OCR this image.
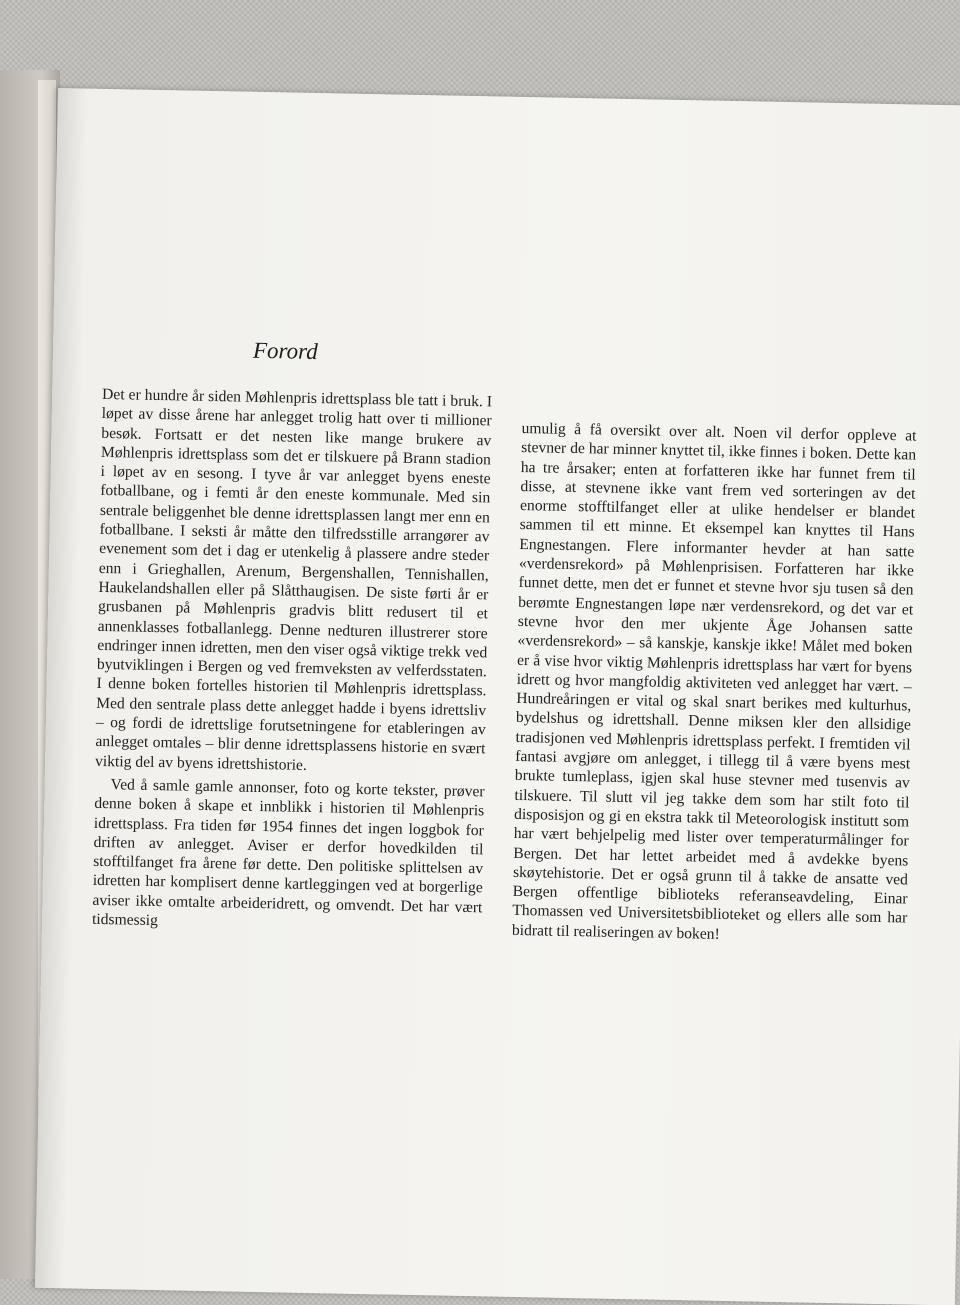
Forord

Det er hundre år siden Møhlenpris idrettsplass ble tatt i bruk. I løpet av disse årene har anlegget trolig hatt over ti millioner besøk. Fortsatt er det nesten like mange brukere av Møhlenpris idrettsplass som det er tilskuere på Brann stadion i løpet av en sesong. I tyve år var anlegget byens eneste fotballbane, og i femti år den eneste kommunale. Med sin sentrale beliggenhet ble denne idrettsplassen langt mer enn en fotballbane. I seksti år måtte den tilfredsstille arrangører av evenement som det i dag er utenkelig å plassere andre steder enn i Grieghallen, Arenum, Bergenshallen, Tennishallen, Haukelandshallen eller på Slåtthaugisen. De siste førti år er grusbanen på Møhlenpris gradvis blitt redusert til et annenklasses fotballanlegg. Denne nedturen illustrerer store endringer innen idretten, men den viser også viktige trekk ved byutviklingen i Bergen og ved fremveksten av velferdsstaten. I denne boken fortelles historien til Møhlenpris idrettsplass. Med den sentrale plass dette anlegget hadde i byens idrettsliv – og fordi de idrettslige forutsetningene for etableringen av anlegget omtales – blir denne idrettsplassens historie en svært viktig del av byens idrettshistorie.

Ved å samle gamle annonser, foto og korte tekster, prøver denne boken å skape et innblikk i historien til Møhlenpris idrettsplass. Fra tiden før 1954 finnes det ingen loggbok for driften av anlegget. Aviser er derfor hovedkilden til stofftilfanget fra årene før dette. Den politiske splittelsen av idretten har komplisert denne kartleggingen ved at borgerlige aviser ikke omtalte arbeideridrett, og omvendt. Det har vært tidsmessig

umulig å få oversikt over alt. Noen vil derfor oppleve at stevner de har minner knyttet til, ikke finnes i boken. Dette kan ha tre årsaker; enten at forfatteren ikke har funnet frem til disse, at stevnene ikke vant frem ved sorteringen av det enorme stofftilfanget eller at ulike hendelser er blandet sammen til ett minne. Et eksempel kan knyttes til Hans Engnestangen. Flere informanter hevder at han satte «verdensrekord» på Møhlenprisisen. Forfatteren har ikke funnet dette, men det er funnet et stevne hvor sju tusen så den berømte Engnestangen løpe nær verdensrekord, og det var et stevne hvor den mer ukjente Åge Johansen satte «verdensrekord» – så kanskje, kanskje ikke! Målet med boken er å vise hvor viktig Møhlenpris idrettsplass har vært for byens idrett og hvor mangfoldig aktiviteten ved anlegget har vært. – Hundreåringen er vital og skal snart berikes med kulturhus, bydelshus og idrettshall. Denne miksen kler den allsidige tradisjonen ved Møhlenpris idrettsplass perfekt. I fremtiden vil fantasi avgjøre om anlegget, i tillegg til å være byens mest brukte tumleplass, igjen skal huse stevner med tusenvis av tilskuere. Til slutt vil jeg takke dem som har stilt foto til disposisjon og gi en ekstra takk til Meteorologisk institutt som har vært behjelpelig med lister over temperaturmålinger for Bergen. Det har lettet arbeidet med å avdekke byens skøytehistorie. Det er også grunn til å takke de ansatte ved Bergen offentlige biblioteks referanseavdeling, Einar Thomassen ved Universitetsbiblioteket og ellers alle som har bidratt til realiseringen av boken!
